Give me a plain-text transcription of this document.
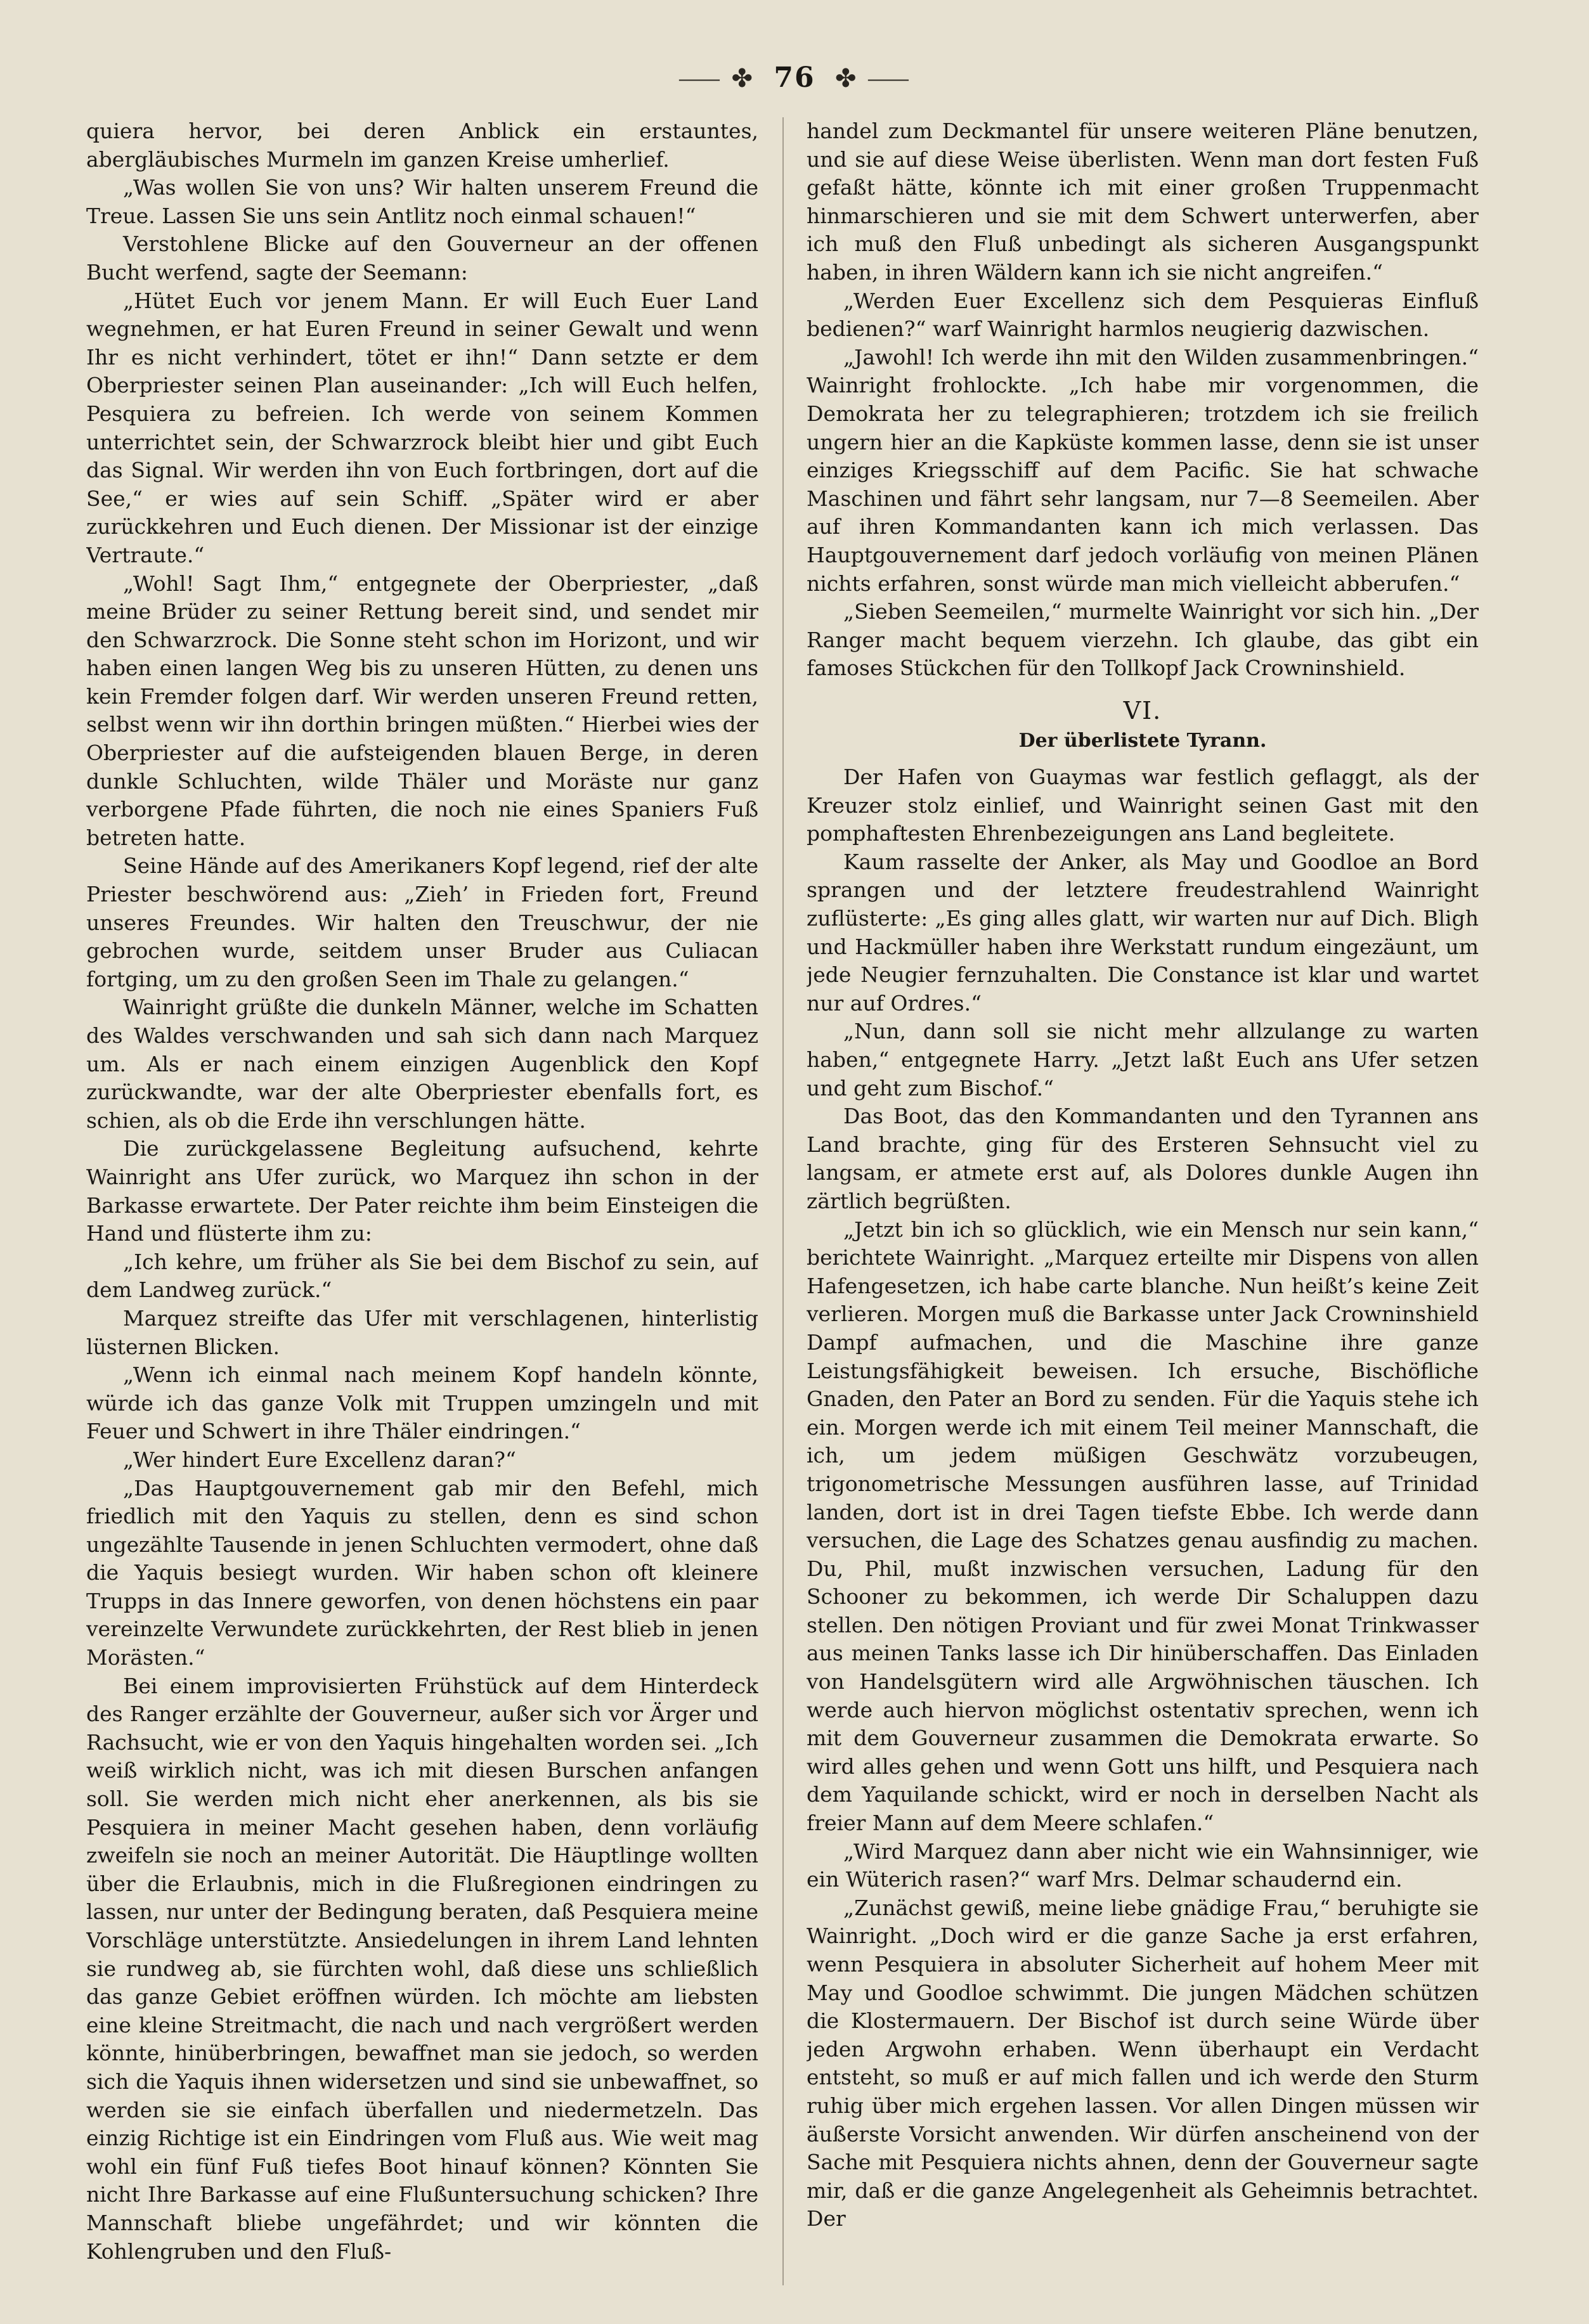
⸺ ✤ 76 ✤ ⸺

quiera hervor, bei deren Anblick ein erstauntes, abergläubisches Murmeln im ganzen Kreise umherlief.

„Was wollen Sie von uns? Wir halten unserem Freund die Treue. Lassen Sie uns sein Antlitz noch einmal schauen!“

Verstohlene Blicke auf den Gouverneur an der offenen Bucht werfend, sagte der Seemann:

„Hütet Euch vor jenem Mann. Er will Euch Euer Land wegnehmen, er hat Euren Freund in seiner Gewalt und wenn Ihr es nicht verhindert, tötet er ihn!“ Dann setzte er dem Oberpriester seinen Plan auseinander: „Ich will Euch helfen, Pesquiera zu befreien. Ich werde von seinem Kommen unterrichtet sein, der Schwarzrock bleibt hier und gibt Euch das Signal. Wir werden ihn von Euch fortbringen, dort auf die See,“ er wies auf sein Schiff. „Später wird er aber zurückkehren und Euch dienen. Der Missionar ist der einzige Vertraute.“

„Wohl! Sagt Ihm,“ entgegnete der Oberpriester, „daß meine Brüder zu seiner Rettung bereit sind, und sendet mir den Schwarzrock. Die Sonne steht schon im Horizont, und wir haben einen langen Weg bis zu unseren Hütten, zu denen uns kein Fremder folgen darf. Wir werden unseren Freund retten, selbst wenn wir ihn dorthin bringen müßten.“ Hierbei wies der Oberpriester auf die aufsteigenden blauen Berge, in deren dunkle Schluchten, wilde Thäler und Moräste nur ganz verborgene Pfade führten, die noch nie eines Spaniers Fuß betreten hatte.

Seine Hände auf des Amerikaners Kopf legend, rief der alte Priester beschwörend aus: „Zieh’ in Frieden fort, Freund unseres Freundes. Wir halten den Treuschwur, der nie gebrochen wurde, seitdem unser Bruder aus Culiacan fortging, um zu den großen Seen im Thale zu gelangen.“

Wainright grüßte die dunkeln Männer, welche im Schatten des Waldes verschwanden und sah sich dann nach Marquez um. Als er nach einem einzigen Augenblick den Kopf zurückwandte, war der alte Oberpriester ebenfalls fort, es schien, als ob die Erde ihn verschlungen hätte.

Die zurückgelassene Begleitung aufsuchend, kehrte Wainright ans Ufer zurück, wo Marquez ihn schon in der Barkasse erwartete. Der Pater reichte ihm beim Einsteigen die Hand und flüsterte ihm zu:

„Ich kehre, um früher als Sie bei dem Bischof zu sein, auf dem Landweg zurück.“

Marquez streifte das Ufer mit verschlagenen, hinterlistig lüsternen Blicken.

„Wenn ich einmal nach meinem Kopf handeln könnte, würde ich das ganze Volk mit Truppen umzingeln und mit Feuer und Schwert in ihre Thäler eindringen.“

„Wer hindert Eure Excellenz daran?“

„Das Hauptgouvernement gab mir den Befehl, mich friedlich mit den Yaquis zu stellen, denn es sind schon ungezählte Tausende in jenen Schluchten vermodert, ohne daß die Yaquis besiegt wurden. Wir haben schon oft kleinere Trupps in das Innere geworfen, von denen höchstens ein paar vereinzelte Verwundete zurückkehrten, der Rest blieb in jenen Morästen.“

Bei einem improvisierten Frühstück auf dem Hinterdeck des Ranger erzählte der Gouverneur, außer sich vor Ärger und Rachsucht, wie er von den Yaquis hingehalten worden sei. „Ich weiß wirklich nicht, was ich mit diesen Burschen anfangen soll. Sie werden mich nicht eher anerkennen, als bis sie Pesquiera in meiner Macht gesehen haben, denn vorläufig zweifeln sie noch an meiner Autorität. Die Häuptlinge wollten über die Erlaubnis, mich in die Flußregionen eindringen zu lassen, nur unter der Bedingung beraten, daß Pesquiera meine Vorschläge unterstützte. Ansiedelungen in ihrem Land lehnten sie rundweg ab, sie fürchten wohl, daß diese uns schließlich das ganze Gebiet eröffnen würden. Ich möchte am liebsten eine kleine Streitmacht, die nach und nach vergrößert werden könnte, hinüberbringen, bewaffnet man sie jedoch, so werden sich die Yaquis ihnen widersetzen und sind sie unbewaffnet, so werden sie sie einfach überfallen und niedermetzeln. Das einzig Richtige ist ein Eindringen vom Fluß aus. Wie weit mag wohl ein fünf Fuß tiefes Boot hinauf können? Könnten Sie nicht Ihre Barkasse auf eine Flußuntersuchung schicken? Ihre Mannschaft bliebe ungefährdet; und wir könnten die Kohlengruben und den Fluß-

handel zum Deckmantel für unsere weiteren Pläne benutzen, und sie auf diese Weise überlisten. Wenn man dort festen Fuß gefaßt hätte, könnte ich mit einer großen Truppenmacht hinmarschieren und sie mit dem Schwert unterwerfen, aber ich muß den Fluß unbedingt als sicheren Ausgangspunkt haben, in ihren Wäldern kann ich sie nicht angreifen.“

„Werden Euer Excellenz sich dem Pesquieras Einfluß bedienen?“ warf Wainright harmlos neugierig dazwischen.

„Jawohl! Ich werde ihn mit den Wilden zusammenbringen.“ Wainright frohlockte. „Ich habe mir vorgenommen, die Demokrata her zu telegraphieren; trotzdem ich sie freilich ungern hier an die Kapküste kommen lasse, denn sie ist unser einziges Kriegsschiff auf dem Pacific. Sie hat schwache Maschinen und fährt sehr langsam, nur 7—8 Seemeilen. Aber auf ihren Kommandanten kann ich mich verlassen. Das Hauptgouvernement darf jedoch vorläufig von meinen Plänen nichts erfahren, sonst würde man mich vielleicht abberufen.“

„Sieben Seemeilen,“ murmelte Wainright vor sich hin. „Der Ranger macht bequem vierzehn. Ich glaube, das gibt ein famoses Stückchen für den Tollkopf Jack Crowninshield.

VI.
Der überlistete Tyrann.

Der Hafen von Guaymas war festlich geflaggt, als der Kreuzer stolz einlief, und Wainright seinen Gast mit den pomphaftesten Ehrenbezeigungen ans Land begleitete.

Kaum rasselte der Anker, als May und Goodloe an Bord sprangen und der letztere freudestrahlend Wainright zuflüsterte: „Es ging alles glatt, wir warten nur auf Dich. Bligh und Hackmüller haben ihre Werkstatt rundum eingezäunt, um jede Neugier fernzuhalten. Die Constance ist klar und wartet nur auf Ordres.“

„Nun, dann soll sie nicht mehr allzulange zu warten haben,“ entgegnete Harry. „Jetzt laßt Euch ans Ufer setzen und geht zum Bischof.“

Das Boot, das den Kommandanten und den Tyrannen ans Land brachte, ging für des Ersteren Sehnsucht viel zu langsam, er atmete erst auf, als Dolores dunkle Augen ihn zärtlich begrüßten.

„Jetzt bin ich so glücklich, wie ein Mensch nur sein kann,“ berichtete Wainright. „Marquez erteilte mir Dispens von allen Hafengesetzen, ich habe carte blanche. Nun heißt’s keine Zeit verlieren. Morgen muß die Barkasse unter Jack Crowninshield Dampf aufmachen, und die Maschine ihre ganze Leistungsfähigkeit beweisen. Ich ersuche, Bischöfliche Gnaden, den Pater an Bord zu senden. Für die Yaquis stehe ich ein. Morgen werde ich mit einem Teil meiner Mannschaft, die ich, um jedem müßigen Geschwätz vorzubeugen, trigonometrische Messungen ausführen lasse, auf Trinidad landen, dort ist in drei Tagen tiefste Ebbe. Ich werde dann versuchen, die Lage des Schatzes genau ausfindig zu machen. Du, Phil, mußt inzwischen versuchen, Ladung für den Schooner zu bekommen, ich werde Dir Schaluppen dazu stellen. Den nötigen Proviant und für zwei Monat Trinkwasser aus meinen Tanks lasse ich Dir hinüberschaffen. Das Einladen von Handelsgütern wird alle Argwöhnischen täuschen. Ich werde auch hiervon möglichst ostentativ sprechen, wenn ich mit dem Gouverneur zusammen die Demokrata erwarte. So wird alles gehen und wenn Gott uns hilft, und Pesquiera nach dem Yaquilande schickt, wird er noch in derselben Nacht als freier Mann auf dem Meere schlafen.“

„Wird Marquez dann aber nicht wie ein Wahnsinniger, wie ein Wüterich rasen?“ warf Mrs. Delmar schaudernd ein.

„Zunächst gewiß, meine liebe gnädige Frau,“ beruhigte sie Wainright. „Doch wird er die ganze Sache ja erst erfahren, wenn Pesquiera in absoluter Sicherheit auf hohem Meer mit May und Goodloe schwimmt. Die jungen Mädchen schützen die Klostermauern. Der Bischof ist durch seine Würde über jeden Argwohn erhaben. Wenn überhaupt ein Verdacht entsteht, so muß er auf mich fallen und ich werde den Sturm ruhig über mich ergehen lassen. Vor allen Dingen müssen wir äußerste Vorsicht anwenden. Wir dürfen anscheinend von der Sache mit Pesquiera nichts ahnen, denn der Gouverneur sagte mir, daß er die ganze Angelegenheit als Geheimnis betrachtet. Der
